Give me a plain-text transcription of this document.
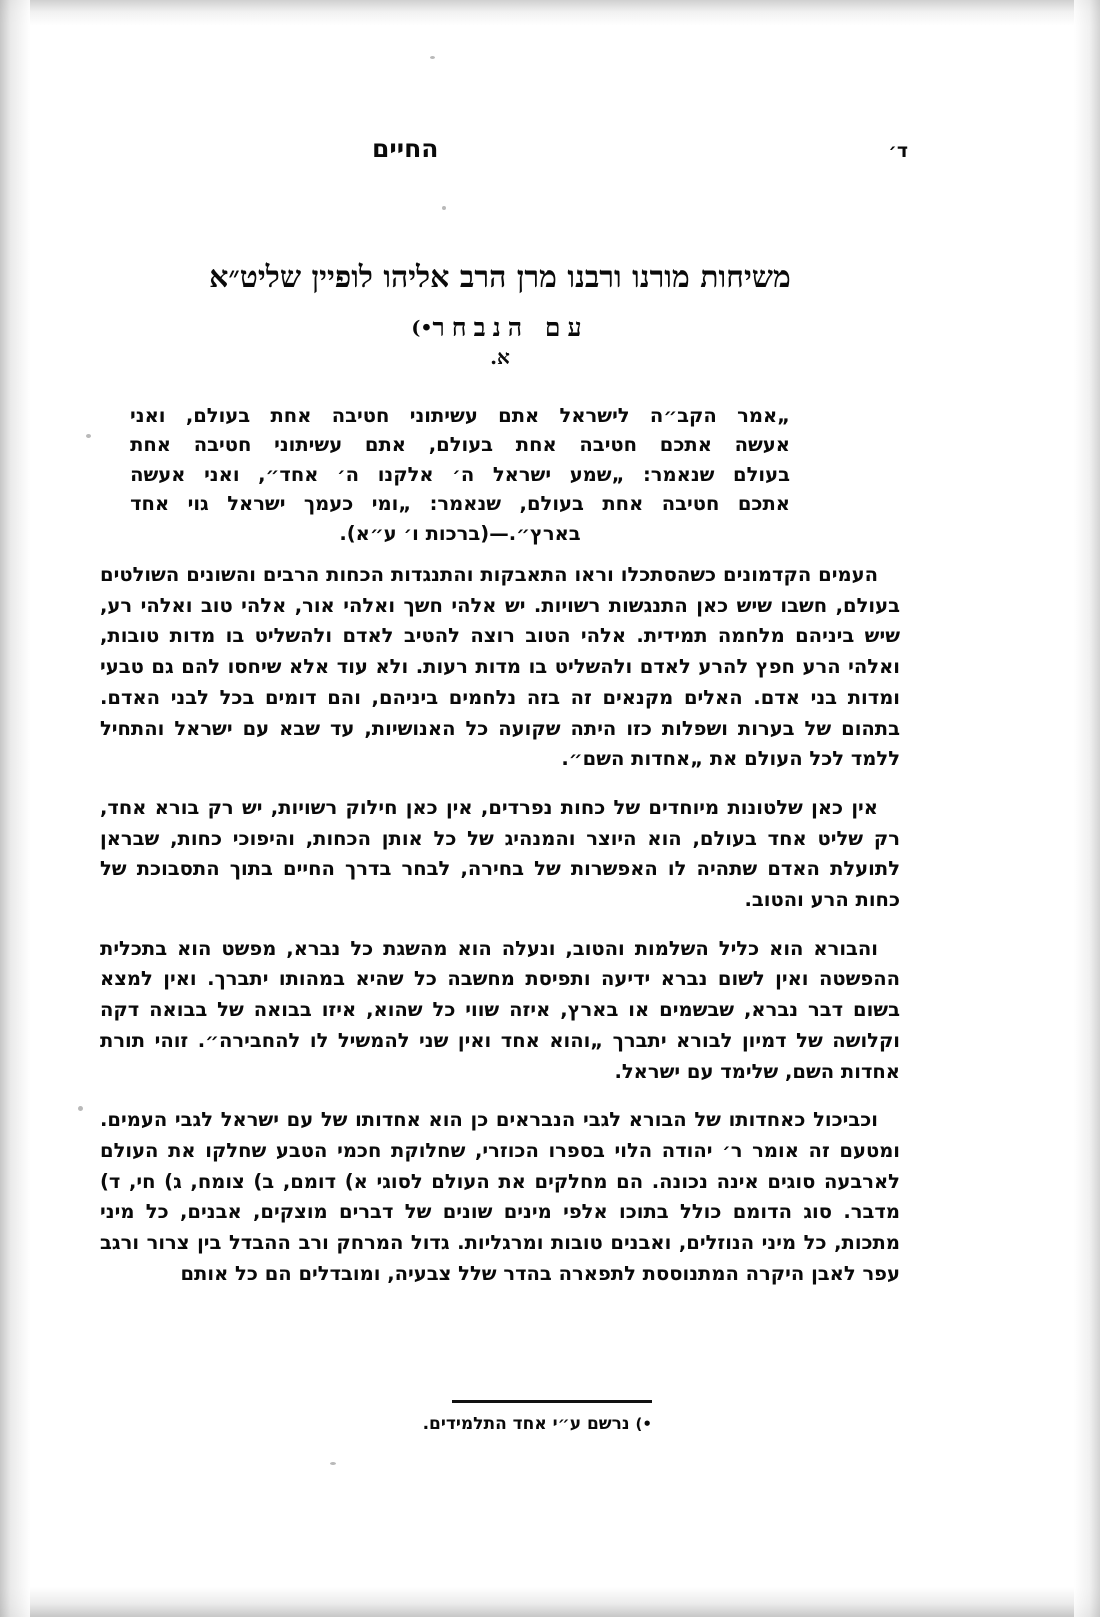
ד׳
החיים
משיחות מורנו ורבנו מרן הרב אליהו לופיין שליט״א
עם הנבחר•)
א.
„אמר
הקב״ה
לישראל
אתם
עשיתוני
חטיבה
אחת
בעולם,
ואני
אעשה
אתכם
חטיבה
אחת
בעולם,
אתם
עשיתוני
חטיבה
אחת
בעולם
שנאמר:
„שמע
ישראל
ה׳
אלקנו
ה׳
אחד״,
ואני
אעשה
אתכם
חטיבה
אחת
בעולם,
שנאמר:
„ומי
כעמך
ישראל
גוי
אחד
בארץ״.—(ברכות ו׳ ע״א).

העמים הקדמונים כשהסתכלו וראו התאבקות והתנגדות הכחות הרבים והשונים השולטים בעולם, חשבו שיש כאן התנגשות רשויות. יש אלהי חשך ואלהי אור, אלהי טוב ואלהי רע, שיש ביניהם מלחמה תמידית. אלהי הטוב רוצה להטיב לאדם ולהשליט בו מדות טובות, ואלהי הרע חפץ להרע לאדם ולהשליט בו מדות רעות. ולא עוד אלא שיחסו להם גם טבעי ומדות בני אדם. האלים מקנאים זה בזה נלחמים ביניהם, והם דומים בכל לבני האדם. בתהום של בערות ושפלות כזו היתה שקועה כל האנושיות, עד שבא עם ישראל והתחיל ללמד לכל העולם את „אחדות השם״.

אין כאן שלטונות מיוחדים של כחות נפרדים, אין כאן חילוק רשויות, יש רק בורא אחד, רק שליט אחד בעולם, הוא היוצר והמנהיג של כל אותן הכחות, והיפוכי כחות, שבראן לתועלת האדם שתהיה לו האפשרות של בחירה, לבחר בדרך החיים בתוך התסבוכת של כחות הרע והטוב.

והבורא הוא כליל השלמות והטוב, ונעלה הוא מהשגת כל נברא, מפשט הוא בתכלית ההפשטה ואין לשום נברא ידיעה ותפיסת מחשבה כל שהיא במהותו יתברך. ואין למצא בשום דבר נברא, שבשמים או בארץ, איזה שווי כל שהוא, איזו בבואה של בבואה דקה וקלושה של דמיון לבורא יתברך „והוא אחד ואין שני להמשיל לו להחבירה״. זוהי תורת אחדות השם, שלימד עם ישראל.

וכביכול כאחדותו של הבורא לגבי הנבראים כן הוא אחדותו של עם ישראל לגבי העמים. ומטעם זה אומר ר׳ יהודה הלוי בספרו הכוזרי, שחלוקת חכמי הטבע שחלקו את העולם לארבעה סוגים אינה נכונה. הם מחלקים את העולם לסוגי א) דומם, ב) צומח, ג) חי, ד) מדבר. סוג הדומם כולל בתוכו אלפי מינים שונים של דברים מוצקים, אבנים, כל מיני מתכות, כל מיני הנוזלים, ואבנים טובות ומרגליות. גדול המרחק ורב ההבדל בין צרור ורגב עפר לאבן היקרה המתנוססת לתפארה בהדר שלל צבעיה, ומובדלים הם כל אותם

•) נרשם ע״י אחד התלמידים.
